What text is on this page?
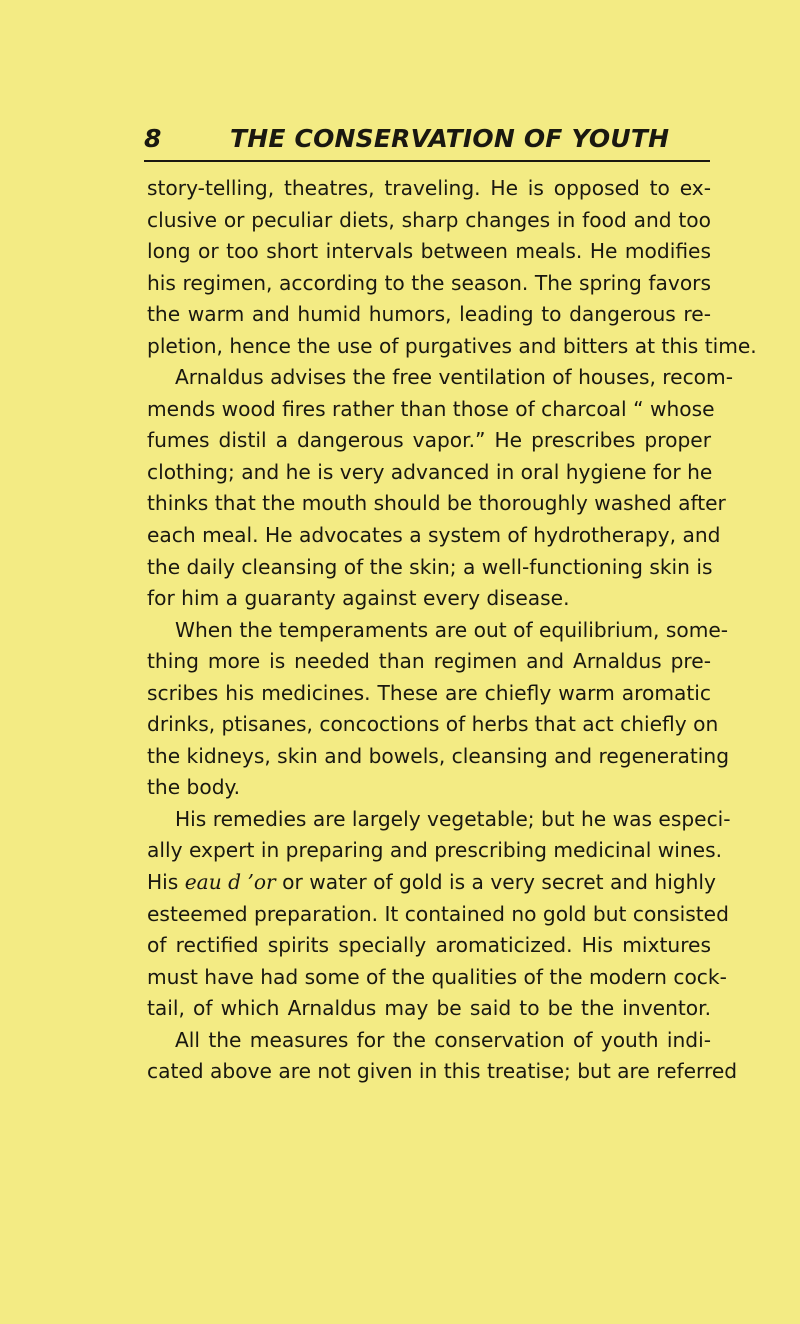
8	THE CONSERVATION OF YOUTH
story-telling, theatres, traveling. He is opposed to ex-
clusive or peculiar diets, sharp changes in food and too
long or too short intervals between meals. He modifies
his regimen, according to the season. The spring favors
the warm and humid humors, leading to dangerous re-
pletion, hence the use of purgatives and bitters at this time.
Arnaldus advises the free ventilation of houses, recom-
mends wood fires rather than those of charcoal “ whose
fumes distil a dangerous vapor.” He prescribes proper
clothing; and he is very advanced in oral hygiene for he
thinks that the mouth should be thoroughly washed after
each meal. He advocates a system of hydrotherapy, and
the daily cleansing of the skin; a well-functioning skin is
for him a guaranty against every disease.
When the temperaments are out of equilibrium, some-
thing more is needed than regimen and Arnaldus pre-
scribes his medicines. These are chiefly warm aromatic
drinks, ptisanes, concoctions of herbs that act chiefly on
the kidneys, skin and bowels, cleansing and regenerating
the body.
His remedies are largely vegetable; but he was especi-
ally expert in preparing and prescribing medicinal wines.
His eau d ’or or water of gold is a very secret and highly
esteemed preparation. It contained no gold but consisted
of rectified spirits specially aromaticized. His mixtures
must have had some of the qualities of the modern cock-
tail, of which Arnaldus may be said to be the inventor.
All the measures for the conservation of youth indi-
cated above are not given in this treatise; but are referred
